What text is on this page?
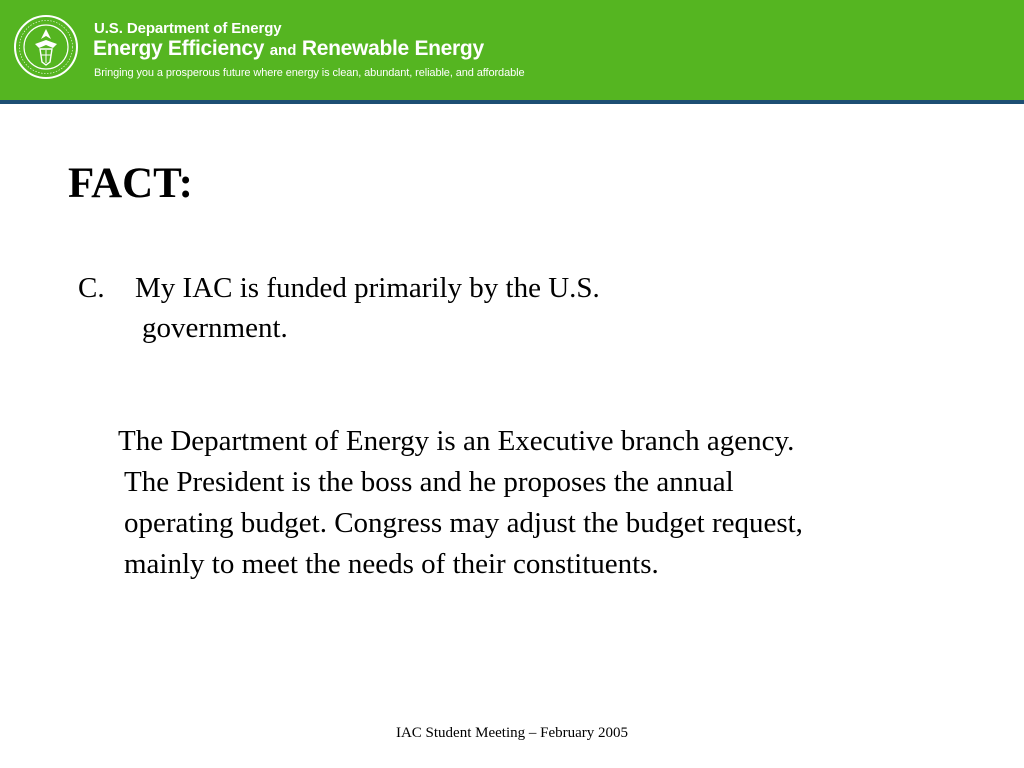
U.S. Department of Energy
Energy Efficiency and Renewable Energy
Bringing you a prosperous future where energy is clean, abundant, reliable, and affordable
FACT:
C. My IAC is funded primarily by the U.S.
government.
The Department of Energy is an Executive branch agency.
The President is the boss and he proposes the annual
operating budget. Congress may adjust the budget request,
mainly to meet the needs of their constituents.
IAC Student Meeting – February 2005
